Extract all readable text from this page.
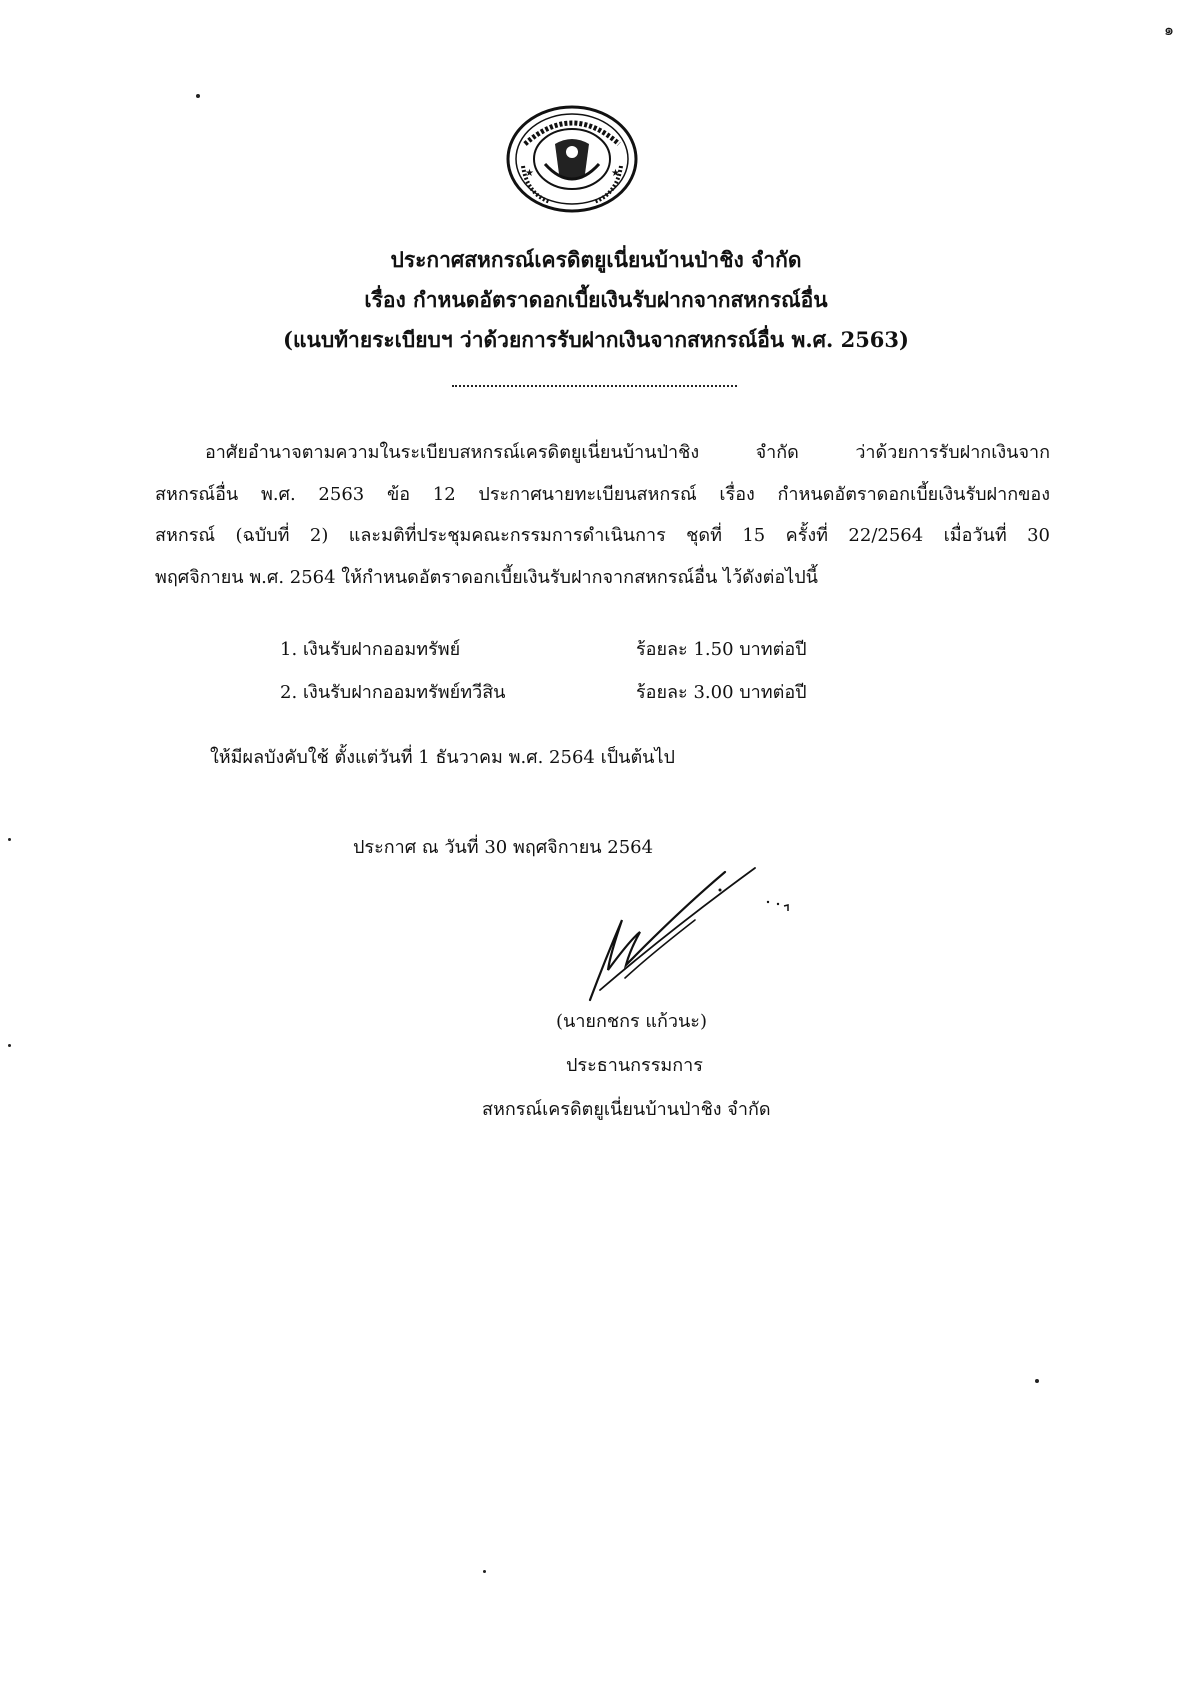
๑
★	★
ประกาศสหกรณ์เครดิตยูเนี่ยนบ้านป่าชิง จำกัด
เรื่อง กำหนดอัตราดอกเบี้ยเงินรับฝากจากสหกรณ์อื่น
(แนบท้ายระเบียบฯ ว่าด้วยการรับฝากเงินจากสหกรณ์อื่น พ.ศ. 2563)
อาศัยอำนาจตามความในระเบียบสหกรณ์เครดิตยูเนี่ยนบ้านป่าชิง จำกัด ว่าด้วยการรับฝากเงินจาก
สหกรณ์อื่น พ.ศ. 2563 ข้อ 12 ประกาศนายทะเบียนสหกรณ์ เรื่อง กำหนดอัตราดอกเบี้ยเงินรับฝากของ
สหกรณ์ (ฉบับที่ 2) และมติที่ประชุมคณะกรรมการดำเนินการ ชุดที่ 15 ครั้งที่ 22/2564 เมื่อวันที่ 30
พฤศจิกายน พ.ศ. 2564 ให้กำหนดอัตราดอกเบี้ยเงินรับฝากจากสหกรณ์อื่น ไว้ดังต่อไปนี้
1. เงินรับฝากออมทรัพย์	ร้อยละ 1.50 บาทต่อปี
2. เงินรับฝากออมทรัพย์ทวีสิน	ร้อยละ 3.00 บาทต่อปี
ให้มีผลบังคับใช้ ตั้งแต่วันที่ 1 ธันวาคม พ.ศ. 2564 เป็นต้นไป
ประกาศ ณ วันที่ 30 พฤศจิกายน 2564
(นายกชกร แก้วนะ)
ประธานกรรมการ
สหกรณ์เครดิตยูเนี่ยนบ้านป่าชิง จำกัด
